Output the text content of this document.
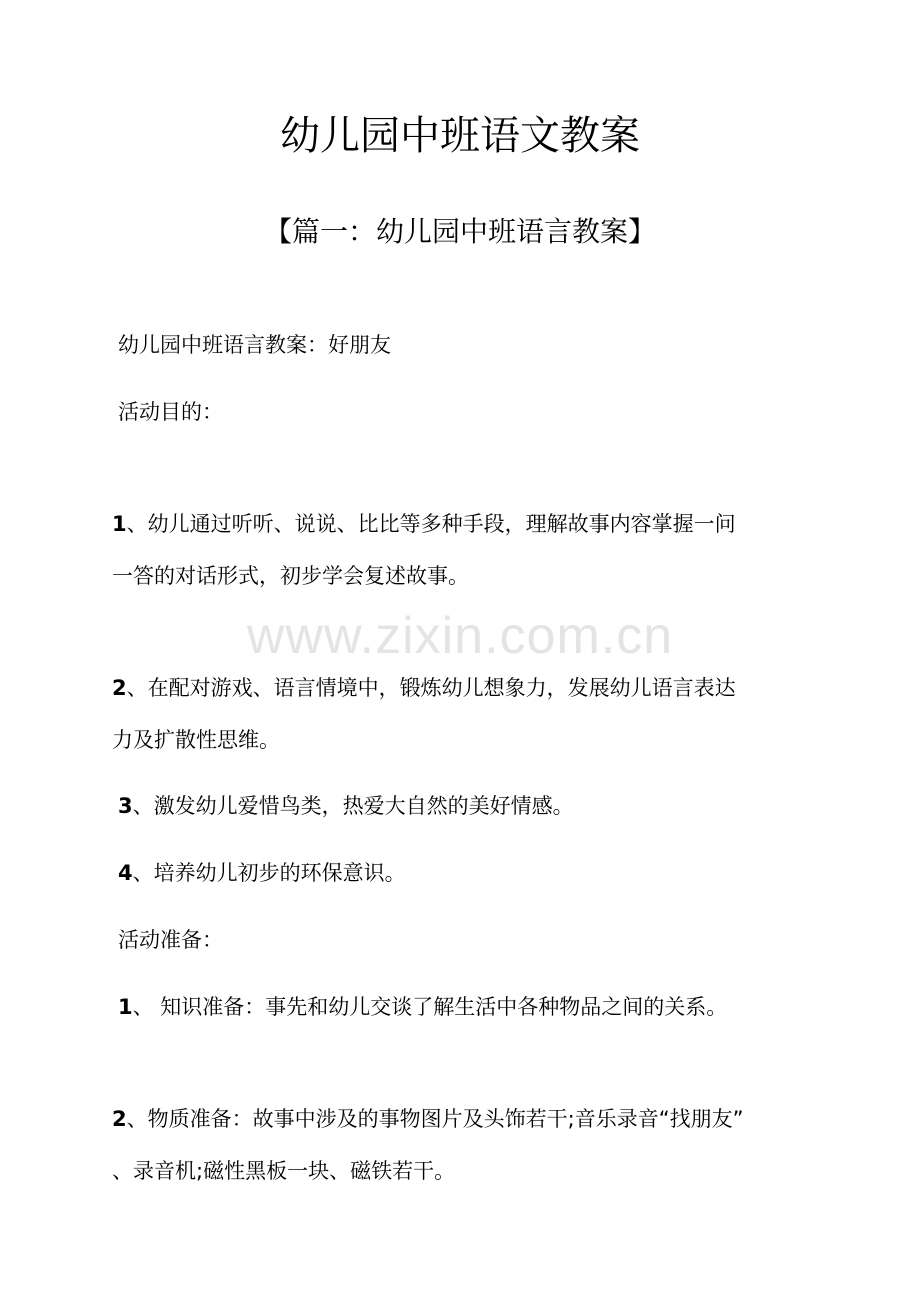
幼儿园中班语文教案
【篇一：幼儿园中班语言教案】
幼儿园中班语言教案：好朋友
活动目的：
1、幼儿通过听听、说说、比比等多种手段，理解故事内容掌握一问
一答的对话形式，初步学会复述故事。
www.zixin.com.cn
2、在配对游戏、语言情境中，锻炼幼儿想象力，发展幼儿语言表达
力及扩散性思维。
3、激发幼儿爱惜鸟类，热爱大自然的美好情感。
4、培养幼儿初步的环保意识。
活动准备：
1、 知识准备：事先和幼儿交谈了解生活中各种物品之间的关系。
2、物质准备：故事中涉及的事物图片及头饰若干;音乐录音“找朋友”
、录音机;磁性黑板一块、磁铁若干。
